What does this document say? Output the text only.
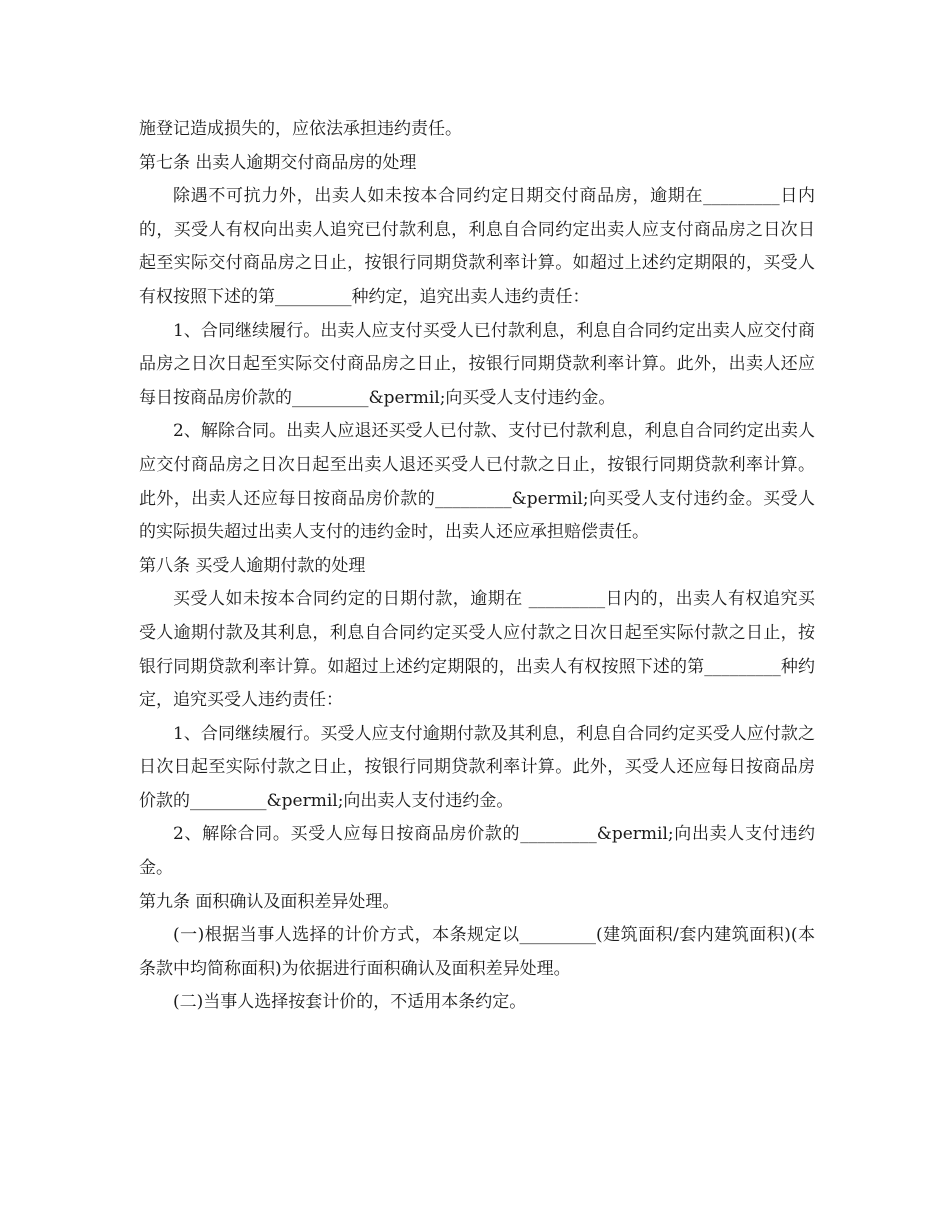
施登记造成损失的，应依法承担违约责任。

第七条 出卖人逾期交付商品房的处理

除遇不可抗力外，出卖人如未按本合同约定日期交付商品房，逾期在_________日内的，买受人有权向出卖人追究已付款利息，利息自合同约定出卖人应支付商品房之日次日起至实际交付商品房之日止，按银行同期贷款利率计算。如超过上述约定期限的，买受人有权按照下述的第_________种约定，追究出卖人违约责任：

1、合同继续履行。出卖人应支付买受人已付款利息，利息自合同约定出卖人应交付商品房之日次日起至实际交付商品房之日止，按银行同期贷款利率计算。此外，出卖人还应每日按商品房价款的_________&permil;向买受人支付违约金。

2、解除合同。出卖人应退还买受人已付款、支付已付款利息，利息自合同约定出卖人应交付商品房之日次日起至出卖人退还买受人已付款之日止，按银行同期贷款利率计算。此外，出卖人还应每日按商品房价款的_________&permil;向买受人支付违约金。买受人的实际损失超过出卖人支付的违约金时，出卖人还应承担赔偿责任。

第八条 买受人逾期付款的处理

买受人如未按本合同约定的日期付款，逾期在 _________日内的，出卖人有权追究买受人逾期付款及其利息，利息自合同约定买受人应付款之日次日起至实际付款之日止，按银行同期贷款利率计算。如超过上述约定期限的，出卖人有权按照下述的第_________种约定，追究买受人违约责任：

1、合同继续履行。买受人应支付逾期付款及其利息，利息自合同约定买受人应付款之日次日起至实际付款之日止，按银行同期贷款利率计算。此外，买受人还应每日按商品房价款的_________&permil;向出卖人支付违约金。

2、解除合同。买受人应每日按商品房价款的_________&permil;向出卖人支付违约金。

第九条 面积确认及面积差异处理。

(一)根据当事人选择的计价方式，本条规定以_________(建筑面积/套内建筑面积)(本条款中均简称面积)为依据进行面积确认及面积差异处理。

(二)当事人选择按套计价的，不适用本条约定。
